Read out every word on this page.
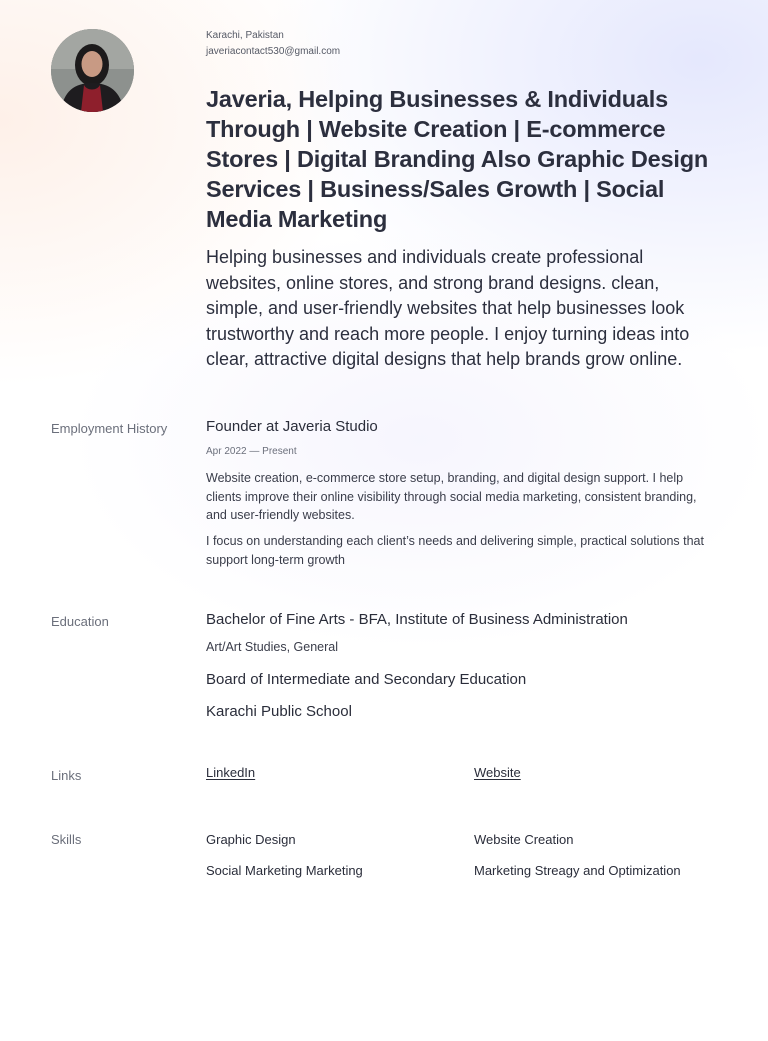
Karachi, Pakistan
javeriacontact530@gmail.com
Javeria, Helping Businesses & Individuals Through | Website Creation | E-commerce Stores | Digital Branding Also Graphic Design Services | Business/Sales Growth | Social Media Marketing

Helping businesses and individuals create professional websites, online stores, and strong brand designs. clean, simple, and user-friendly websites that help businesses look trustworthy and reach more people. I enjoy turning ideas into clear, attractive digital designs that help brands grow online.

Employment History	Founder at Javeria Studio
Apr 2022 — Present

Website creation, e-commerce store setup, branding, and digital design support. I help clients improve their online visibility through social media marketing, consistent branding, and user-friendly websites.

I focus on understanding each client’s needs and delivering simple, practical solutions that support long-term growth

Education	Bachelor of Fine Arts - BFA, Institute of Business Administration
Art/Art Studies, General
Board of Intermediate and Secondary Education
Karachi Public School
Links	LinkedIn	Website
Skills	Graphic Design	Website Creation
Social Marketing Marketing	Marketing Streagy and Optimization
